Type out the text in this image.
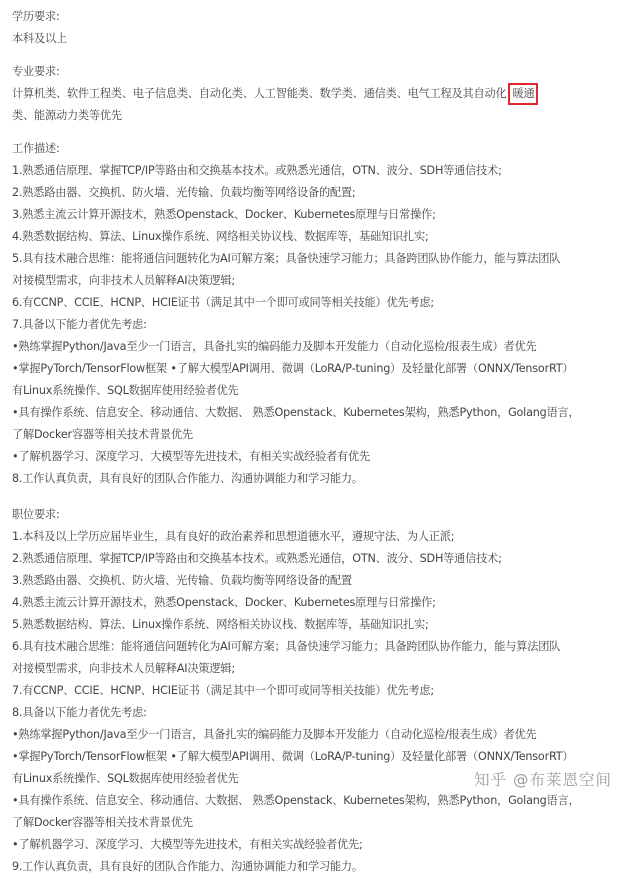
学历要求:
本科及以上
专业要求:
计算机类、软件工程类、电子信息类、自动化类、人工智能类、数学类、通信类、电气工程及其自动化 暖通
类、能源动力类等优先
工作描述:
1.熟悉通信原理、掌握TCP/IP等路由和交换基本技术。或熟悉光通信，OTN、波分、SDH等通信技术;
2.熟悉路由器、交换机、防火墙、光传输、负载均衡等网络设备的配置;
3.熟悉主流云计算开源技术，熟悉Openstack、Docker、Kubernetes原理与日常操作;
4.熟悉数据结构、算法、Linux操作系统、网络相关协议栈、数据库等，基础知识扎实;
5.具有技术融合思维：能将通信问题转化为AI可解方案；具备快速学习能力；具备跨团队协作能力，能与算法团队
对接模型需求，向非技术人员解释AI决策逻辑;
6.有CCNP、CCIE、HCNP、HCIE证书（满足其中一个即可或同等相关技能）优先考虑;
7.具备以下能力者优先考虑:
•熟练掌握Python/Java至少一门语言，具备扎实的编码能力及脚本开发能力（自动化巡检/报表生成）者优先
•掌握PyTorch/TensorFlow框架 •了解大模型API调用、微调（LoRA/P-tuning）及轻量化部署（ONNX/TensorRT）
有Linux系统操作、SQL数据库使用经验者优先
•具有操作系统、信息安全、移动通信、大数据、 熟悉Openstack、Kubernetes架构，熟悉Python，Golang语言，
了解Docker容器等相关技术背景优先
•了解机器学习、深度学习、大模型等先进技术，有相关实战经验者有优先
8.工作认真负责，具有良好的团队合作能力、沟通协调能力和学习能力。
职位要求:
1.本科及以上学历应届毕业生，具有良好的政治素养和思想道德水平，遵规守法、为人正派;
2.熟悉通信原理、掌握TCP/IP等路由和交换基本技术。或熟悉光通信，OTN、波分、SDH等通信技术;
3.熟悉路由器、交换机、防火墙、光传输、负载均衡等网络设备的配置
4.熟悉主流云计算开源技术，熟悉Openstack、Docker、Kubernetes原理与日常操作;
5.熟悉数据结构、算法、Linux操作系统、网络相关协议栈、数据库等，基础知识扎实;
6.具有技术融合思维：能将通信问题转化为AI可解方案；具备快速学习能力；具备跨团队协作能力，能与算法团队
对接模型需求，向非技术人员解释AI决策逻辑;
7.有CCNP、CCIE、HCNP、HCIE证书（满足其中一个即可或同等相关技能）优先考虑;
8.具备以下能力者优先考虑:
•熟练掌握Python/Java至少一门语言，具备扎实的编码能力及脚本开发能力（自动化巡检/报表生成）者优先
•掌握PyTorch/TensorFlow框架 •了解大模型API调用、微调（LoRA/P-tuning）及轻量化部署（ONNX/TensorRT）
有Linux系统操作、SQL数据库使用经验者优先
•具有操作系统、信息安全、移动通信、大数据、 熟悉Openstack、Kubernetes架构，熟悉Python，Golang语言，
了解Docker容器等相关技术背景优先
•了解机器学习、深度学习、大模型等先进技术，有相关实战经验者优先;
9.工作认真负责，具有良好的团队合作能力、沟通协调能力和学习能力。
知乎 @布莱恩空间
